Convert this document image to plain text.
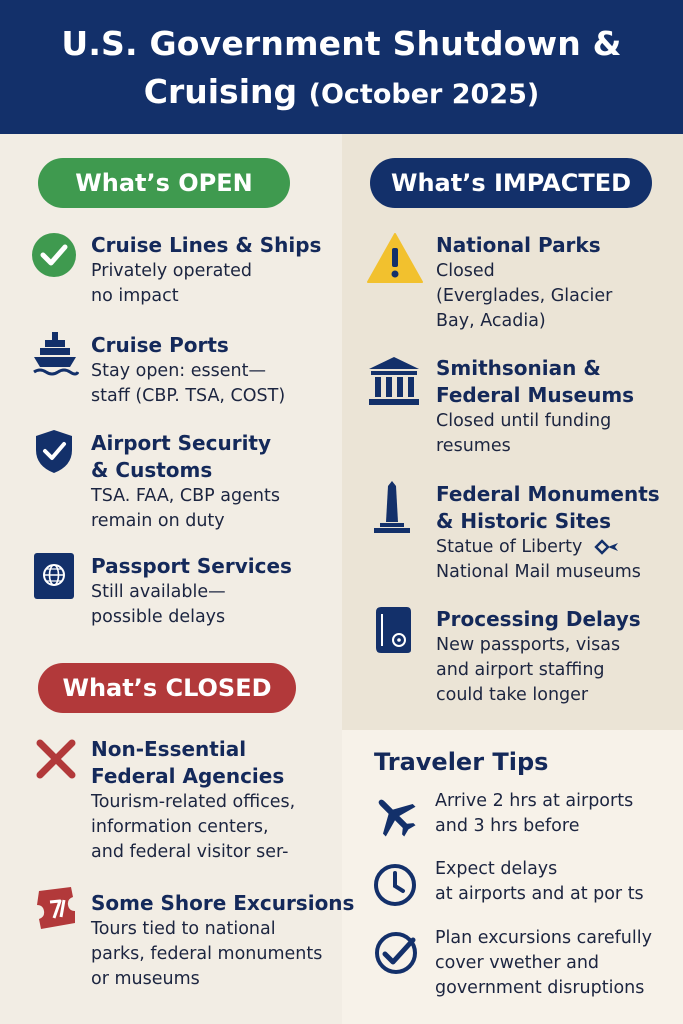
U.S. Government Shutdown &
Cruising (October 2025)
What’s OPEN
Cruise Lines & Ships
Privately operated
no impact
Cruise Ports
Stay open: essent—
staff (CBP. TSA, COST)
Airport Security
& Customs
TSA. FAA, CBP agents
remain on duty
Passport Services
Still available—
possible delays
What’s CLOSED
Non-Essential
Federal Agencies
Tourism-related offices,
information centers,
and federal visitor ser-
Some Shore Excursions
Tours tied to national
parks, federal monuments
or museums
What’s IMPACTED
National Parks
Closed
(Everglades, Glacier
Bay, Acadia)
Smithsonian &
Federal Museums
Closed until funding
resumes
Federal Monuments
& Historic Sites
Statue of Liberty
National Mail museums
Processing Delays
New passports, visas
and airport staffing
could take longer
Traveler Tips
Arrive 2 hrs at airports
and 3 hrs before
Expect delays
at airports and at por ts
Plan excursions carefully
cover vwether and
government disruptions
